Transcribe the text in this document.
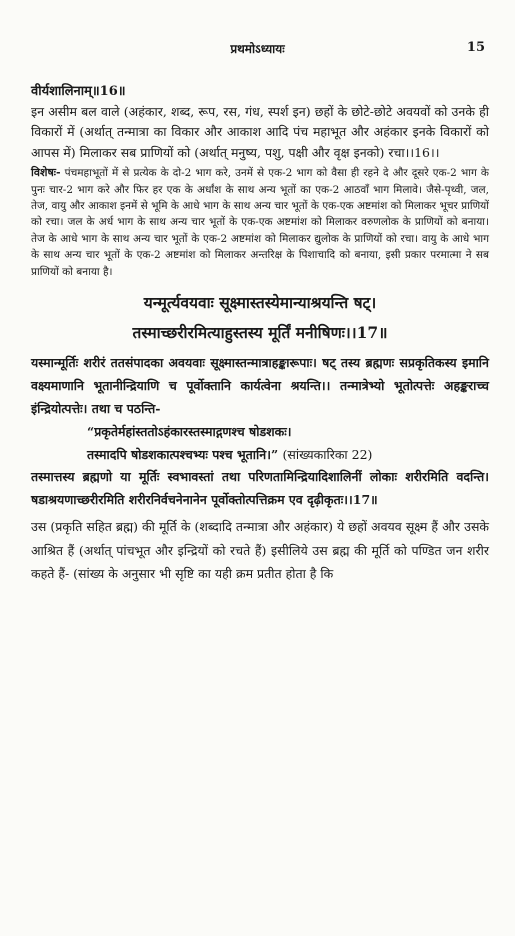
प्रथमोऽध्यायः	15

वीर्यशालिनाम्॥16॥

इन असीम बल वाले (अहंकार, शब्द, रूप, रस, गंध, स्पर्श इन) छहों के छोटे-छोटे अवयवों को उनके ही विकारों में (अर्थात् तन्मात्रा का विकार और आकाश आदि पंच महाभूत और अहंकार इनके विकारों को आपस में) मिलाकर सब प्राणियों को (अर्थात् मनुष्य, पशु, पक्षी और वृक्ष इनको) रचा।।16।।

विशेषः- पंचमहाभूतों में से प्रत्येक के दो-2 भाग करे, उनमें से एक-2 भाग को वैसा ही रहने दे और दूसरे एक-2 भाग के पुनः चार-2 भाग करे और फिर हर एक के अर्धांश के साथ अन्य भूतों का एक-2 आठवाँ भाग मिलावे। जैसे-पृथ्वी, जल, तेज, वायु और आकाश इनमें से भूमि के आधे भाग के साथ अन्य चार भूतों के एक-एक अष्टमांश को मिलाकर भूचर प्राणियों को रचा। जल के अर्ध भाग के साथ अन्य चार भूतों के एक-एक अष्टमांश को मिलाकर वरुणलोक के प्राणियों को बनाया। तेज के आधे भाग के साथ अन्य चार भूतों के एक-2 अष्टमांश को मिलाकर द्युलोक के प्राणियों को रचा। वायु के आधे भाग के साथ अन्य चार भूतों के एक-2 अष्टमांश को मिलाकर अन्तरिक्ष के पिशाचादि को बनाया, इसी प्रकार परमात्मा ने सब प्राणियों को बनाया है।

यन्मूर्त्यवयवाः सूक्ष्मास्तस्येमान्याश्रयन्ति षट्।

तस्माच्छरीरमित्याहुस्तस्य मूर्तिं मनीषिणः।।17॥

यस्मान्मूर्तिः शरीरं ततसंपादका अवयवाः सूक्ष्मास्तन्मात्राहङ्कारूपाः। षट् तस्य ब्रह्मणः सप्रकृतिकस्य इमानि वक्ष्यमाणानि भूतानीन्द्रियाणि च पूर्वोक्तानि कार्यत्वेना श्रयन्ति।। तन्मात्रेभ्यो भूतोत्पत्तेः अहङ्कराच्च इंन्द्रियोत्पत्तेः। तथा च पठन्ति-

“प्रकृतेर्महांस्ततोऽहंकारस्तस्माद्गणश्च षोडशकः।

तस्मादपि षोडशकात्पश्चभ्यः पश्च भूतानि।” (सांख्यकारिका 22)

तस्मात्तस्य ब्रह्मणो या मूर्तिः स्वभावस्तां तथा परिणतामिन्द्रियादिशालिनीं लोकाः शरीरमिति वदन्ति। षडाश्रयणाच्छरीरमिति शरीरनिर्वचनेनानेन पूर्वोक्तोत्पत्तिक्रम एव दृढ़ीकृतः।।17॥

उस (प्रकृति सहित ब्रह्म) की मूर्ति के (शब्दादि तन्मात्रा और अहंकार) ये छहों अवयव सूक्ष्म हैं और उसके आश्रित हैं (अर्थात् पांचभूत और इन्द्रियों को रचते हैं) इसीलिये उस ब्रह्म की मूर्ति को पण्डित जन शरीर कहते हैं- (सांख्य के अनुसार भी सृष्टि का यही क्रम प्रतीत होता है कि
